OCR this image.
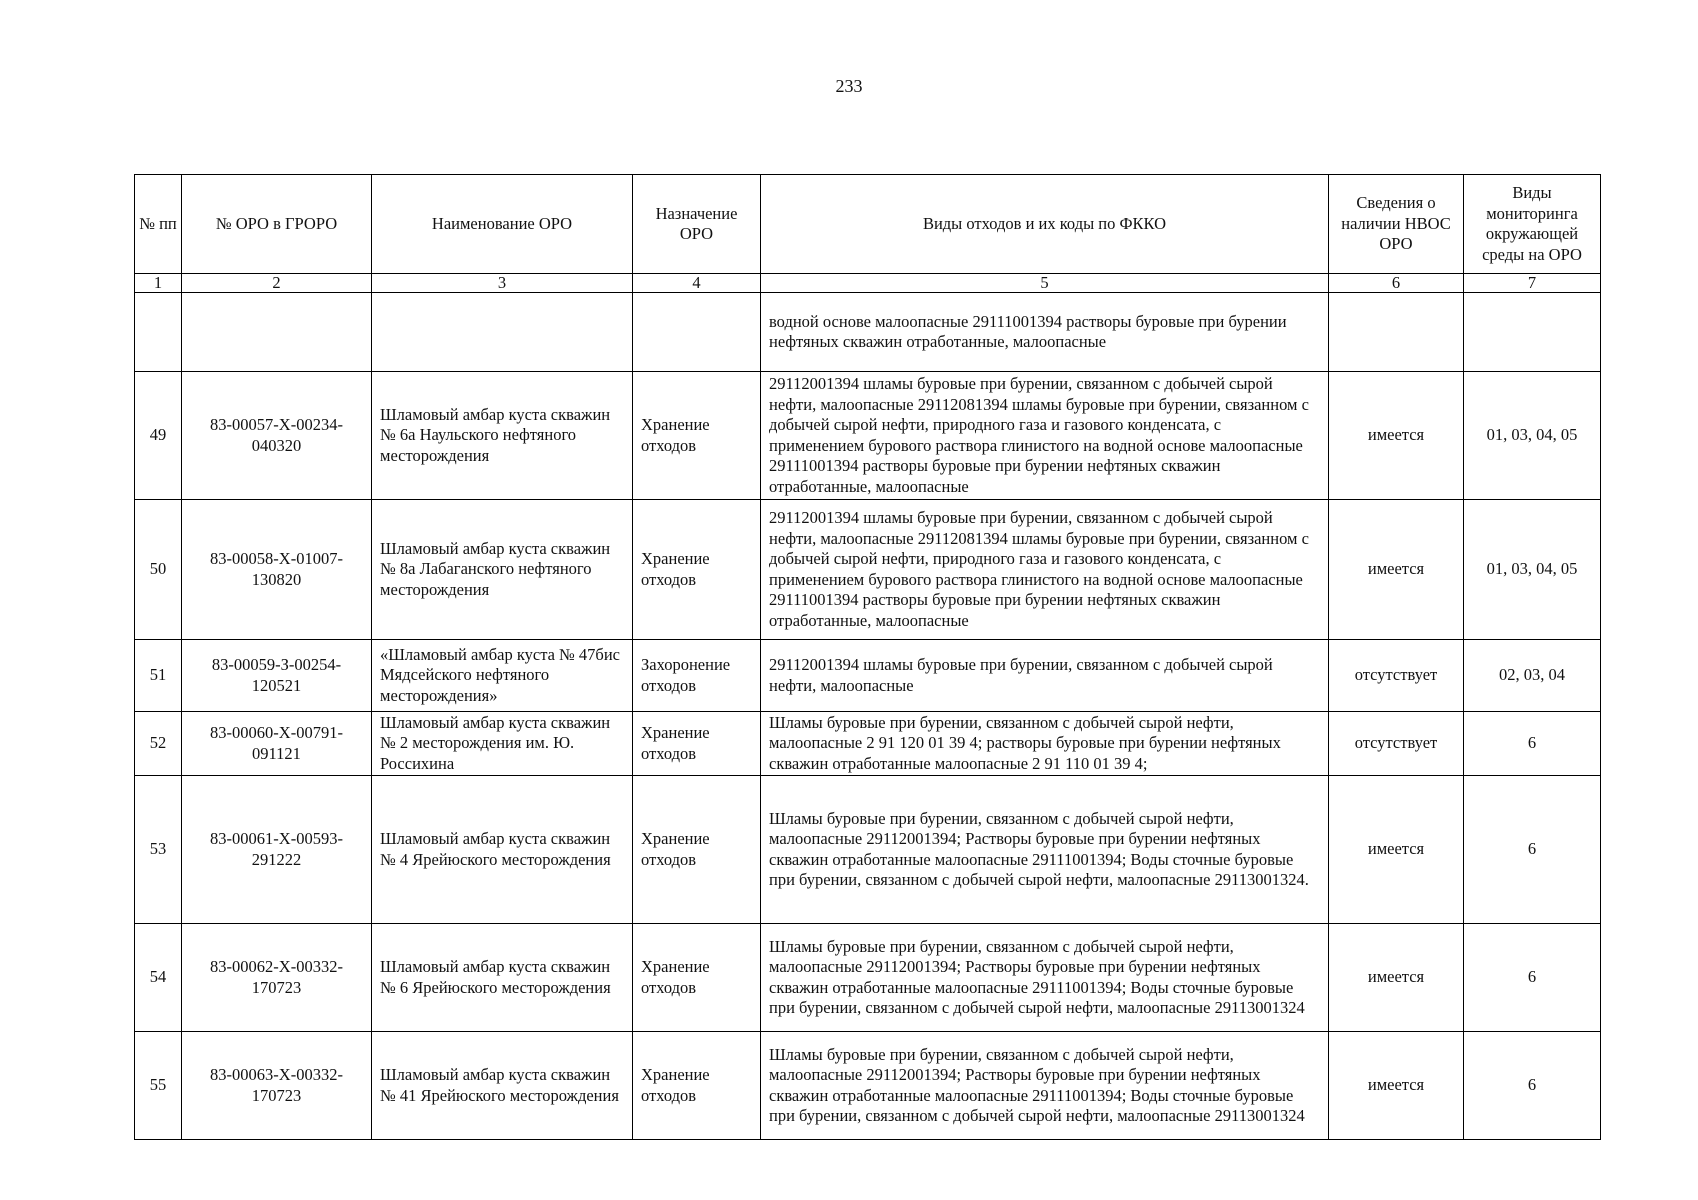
233
№ пп	№ ОРО в ГРОРО	Наименование ОРО	Назначение ОРО	Виды отходов и их коды по ФККО	Сведения о наличии НВОС ОРО	Виды мониторинга окружающей среды на ОРО
1	2	3	4	5	6	7
				водной основе малоопасные 29111001394 растворы буровые при бурении нефтяных скважин отработанные, малоопасные		
49	83-00057-Х-00234-040320	Шламовый амбар куста скважин № 6а Наульского нефтяного месторождения	Хранение отходов	29112001394 шламы буровые при бурении, связанном с добычей сырой нефти, малоопасные 29112081394 шламы буровые при бурении, связанном с добычей сырой нефти, природного газа и газового конденсата, с применением бурового раствора глинистого на водной основе малоопасные 29111001394 растворы буровые при бурении нефтяных скважин отработанные, малоопасные	имеется	01, 03, 04, 05
50	83-00058-Х-01007-130820	Шламовый амбар куста скважин № 8а Лабаганского нефтяного месторождения	Хранение отходов	29112001394 шламы буровые при бурении, связанном с добычей сырой нефти, малоопасные 29112081394 шламы буровые при бурении, связанном с добычей сырой нефти, природного газа и газового конденсата, с применением бурового раствора глинистого на водной основе малоопасные 29111001394 растворы буровые при бурении нефтяных скважин отработанные, малоопасные	имеется	01, 03, 04, 05
51	83-00059-З-00254-120521	«Шламовый амбар куста № 47бис Мядсейского нефтяного месторождения»	Захоронение отходов	29112001394 шламы буровые при бурении, связанном с добычей сырой нефти, малоопасные	отсутствует	02, 03, 04
52	83-00060-Х-00791-091121	Шламовый амбар куста скважин № 2 месторождения им. Ю. Россихина	Хранение отходов	Шламы буровые при бурении, связанном с добычей сырой нефти, малоопасные 2 91 120 01 39 4; растворы буровые при бурении нефтяных скважин отработанные малоопасные 2 91 110 01 39 4;	отсутствует	6
53	83-00061-Х-00593-291222	Шламовый амбар куста скважин № 4 Ярейюского месторождения	Хранение отходов	Шламы буровые при бурении, связанном с добычей сырой нефти, малоопасные 29112001394; Растворы буровые при бурении нефтяных скважин отработанные малоопасные 29111001394; Воды сточные буровые при бурении, связанном с добычей сырой нефти, малоопасные 29113001324.	имеется	6
54	83-00062-Х-00332-170723	Шламовый амбар куста скважин № 6 Ярейюского месторождения	Хранение отходов	Шламы буровые при бурении, связанном с добычей сырой нефти, малоопасные 29112001394; Растворы буровые при бурении нефтяных скважин отработанные малоопасные 29111001394; Воды сточные буровые при бурении, связанном с добычей сырой нефти, малоопасные 29113001324	имеется	6
55	83-00063-Х-00332-170723	Шламовый амбар куста скважин № 41 Ярейюского месторождения	Хранение отходов	Шламы буровые при бурении, связанном с добычей сырой нефти, малоопасные 29112001394; Растворы буровые при бурении нефтяных скважин отработанные малоопасные 29111001394; Воды сточные буровые при бурении, связанном с добычей сырой нефти, малоопасные 29113001324	имеется	6
